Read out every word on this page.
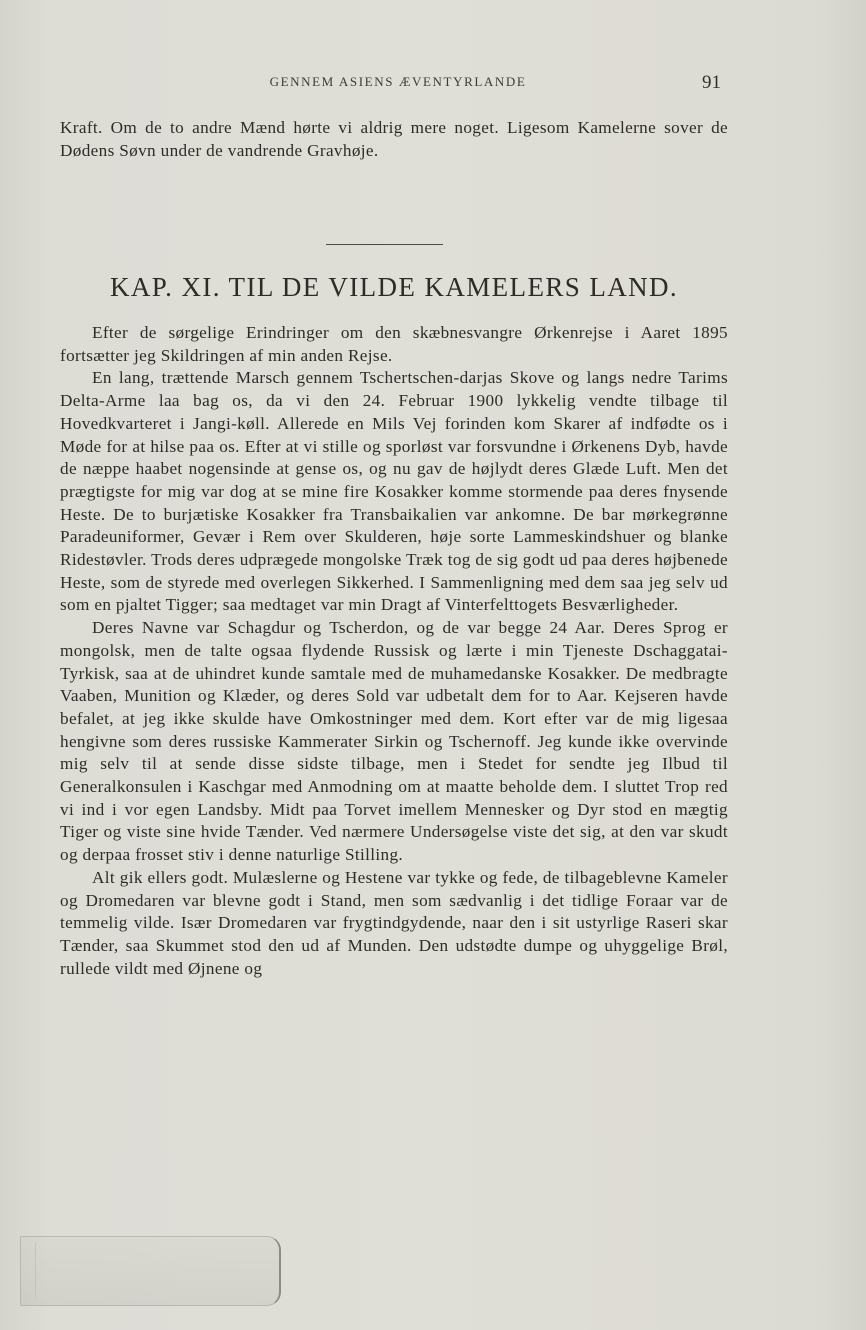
GENNEM ASIENS ÆVENTYRLANDE	91

Kraft. Om de to andre Mænd hørte vi aldrig mere noget. Ligesom Kamelerne sover de Dødens Søvn under de vandrende Gravhøje.

KAP. XI. TIL DE VILDE KAMELERS LAND.

Efter de sørgelige Erindringer om den skæbnesvangre Ørkenrejse i Aaret 1895 fortsætter jeg Skildringen af min anden Rejse.

En lang, trættende Marsch gennem Tschertschen-darjas Skove og langs nedre Tarims Delta-Arme laa bag os, da vi den 24. Februar 1900 lykkelig vendte tilbage til Hovedkvarteret i Jangi-køll. Allerede en Mils Vej forinden kom Skarer af indfødte os i Møde for at hilse paa os. Efter at vi stille og sporløst var forsvundne i Ørkenens Dyb, havde de næppe haabet nogensinde at gense os, og nu gav de højlydt deres Glæde Luft. Men det prægtigste for mig var dog at se mine fire Kosakker komme stormende paa deres fnysende Heste. De to burjætiske Kosakker fra Transbaikalien var ankomne. De bar mørkegrønne Paradeuniformer, Gevær i Rem over Skulderen, høje sorte Lammeskindshuer og blanke Ridestøvler. Trods deres udprægede mongolske Træk tog de sig godt ud paa deres højbenede Heste, som de styrede med overlegen Sikkerhed. I Sammenligning med dem saa jeg selv ud som en pjaltet Tigger; saa medtaget var min Dragt af Vinterfelttogets Besværligheder.

Deres Navne var Schagdur og Tscherdon, og de var begge 24 Aar. Deres Sprog er mongolsk, men de talte ogsaa flydende Russisk og lærte i min Tjeneste Dschaggatai-Tyrkisk, saa at de uhindret kunde samtale med de muhamedanske Kosakker. De medbragte Vaaben, Munition og Klæder, og deres Sold var udbetalt dem for to Aar. Kejseren havde befalet, at jeg ikke skulde have Omkostninger med dem. Kort efter var de mig ligesaa hengivne som deres russiske Kammerater Sirkin og Tschernoff. Jeg kunde ikke overvinde mig selv til at sende disse sidste tilbage, men i Stedet for sendte jeg Ilbud til Generalkonsulen i Kaschgar med Anmodning om at maatte beholde dem. I sluttet Trop red vi ind i vor egen Landsby. Midt paa Torvet imellem Mennesker og Dyr stod en mægtig Tiger og viste sine hvide Tænder. Ved nærmere Undersøgelse viste det sig, at den var skudt og derpaa frosset stiv i denne naturlige Stilling.

Alt gik ellers godt. Mulæslerne og Hestene var tykke og fede, de tilbageblevne Kameler og Dromedaren var blevne godt i Stand, men som sædvanlig i det tidlige Foraar var de temmelig vilde. Især Dromedaren var frygtindgydende, naar den i sit ustyrlige Raseri skar Tænder, saa Skummet stod den ud af Munden. Den udstødte dumpe og uhyggelige Brøl, rullede vildt med Øjnene og
